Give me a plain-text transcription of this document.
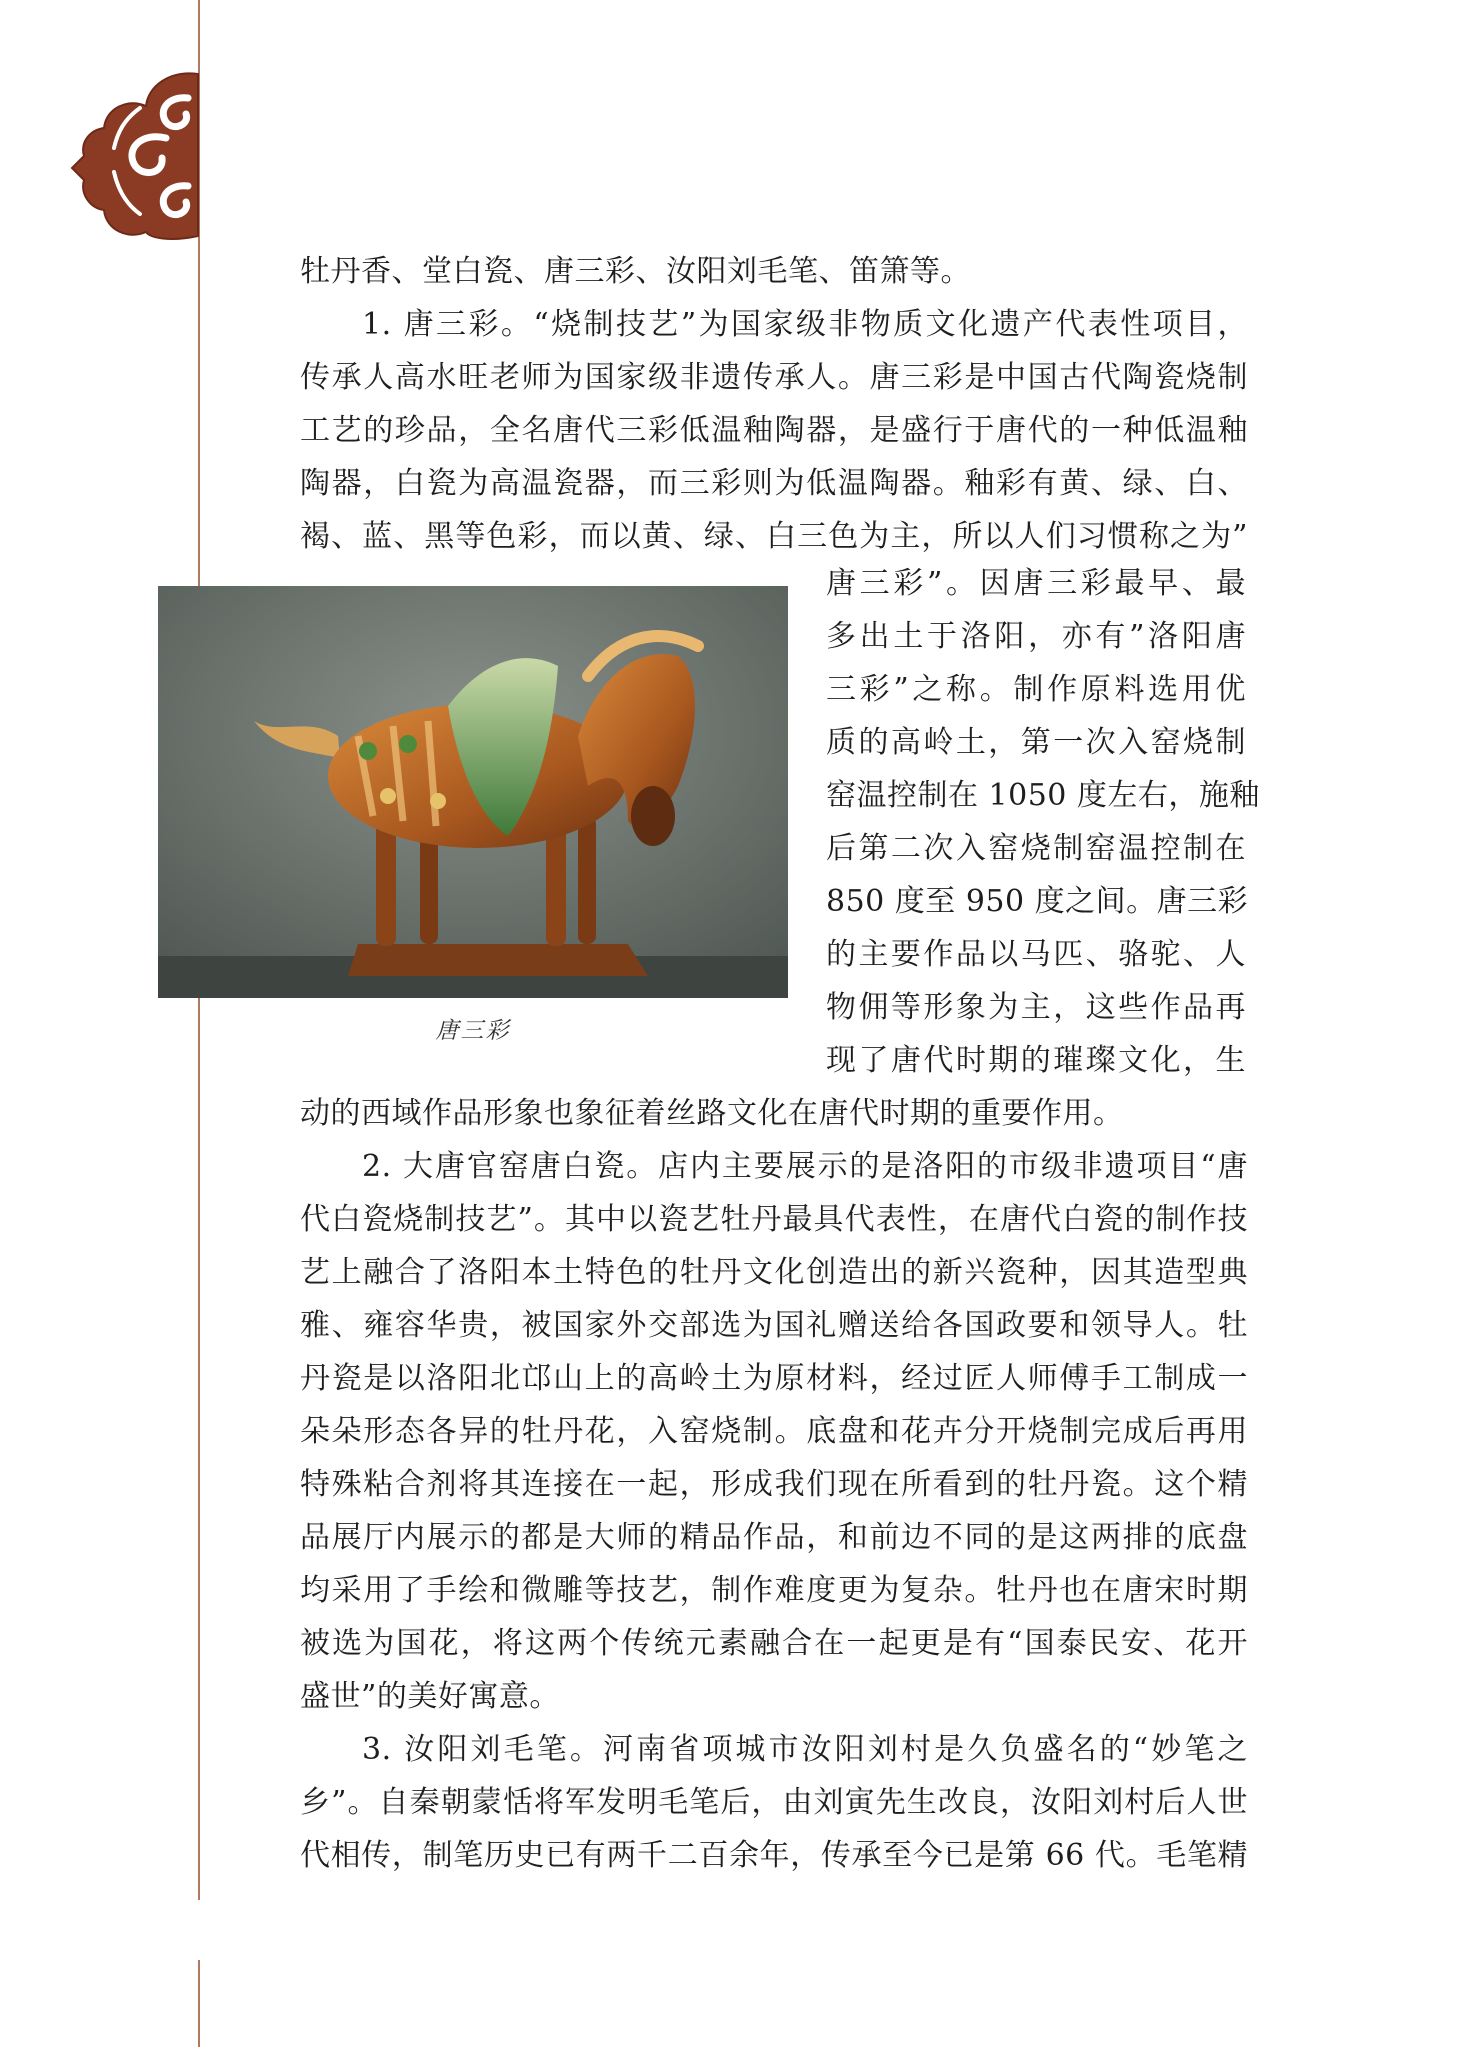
牡丹香、堂白瓷、唐三彩、汝阳刘毛笔、笛箫等。
1. 唐三彩。“烧制技艺”为国家级非物质文化遗产代表性项目，
传承人高水旺老师为国家级非遗传承人。唐三彩是中国古代陶瓷烧制
工艺的珍品，全名唐代三彩低温釉陶器，是盛行于唐代的一种低温釉
陶器，白瓷为高温瓷器，而三彩则为低温陶器。釉彩有黄、绿、白、
褐、蓝、黑等色彩，而以黄、绿、白三色为主，所以人们习惯称之为”
唐三彩
唐三彩”。因唐三彩最早、最
多出土于洛阳，亦有”洛阳唐
三彩”之称。制作原料选用优
质的高岭土，第一次入窑烧制
窑温控制在 1050 度左右，施釉
后第二次入窑烧制窑温控制在
850 度至 950 度之间。唐三彩
的主要作品以马匹、骆驼、人
物佣等形象为主，这些作品再
现了唐代时期的璀璨文化，生
动的西域作品形象也象征着丝路文化在唐代时期的重要作用。
2. 大唐官窑唐白瓷。店内主要展示的是洛阳的市级非遗项目“唐
代白瓷烧制技艺”。其中以瓷艺牡丹最具代表性，在唐代白瓷的制作技
艺上融合了洛阳本土特色的牡丹文化创造出的新兴瓷种，因其造型典
雅、雍容华贵，被国家外交部选为国礼赠送给各国政要和领导人。牡
丹瓷是以洛阳北邙山上的高岭土为原材料，经过匠人师傅手工制成一
朵朵形态各异的牡丹花，入窑烧制。底盘和花卉分开烧制完成后再用
特殊粘合剂将其连接在一起，形成我们现在所看到的牡丹瓷。这个精
品展厅内展示的都是大师的精品作品，和前边不同的是这两排的底盘
均采用了手绘和微雕等技艺，制作难度更为复杂。牡丹也在唐宋时期
被选为国花，将这两个传统元素融合在一起更是有“国泰民安、花开
盛世”的美好寓意。
3. 汝阳刘毛笔。河南省项城市汝阳刘村是久负盛名的“妙笔之
乡”。自秦朝蒙恬将军发明毛笔后，由刘寅先生改良，汝阳刘村后人世
代相传，制笔历史已有两千二百余年，传承至今已是第 66 代。毛笔精
